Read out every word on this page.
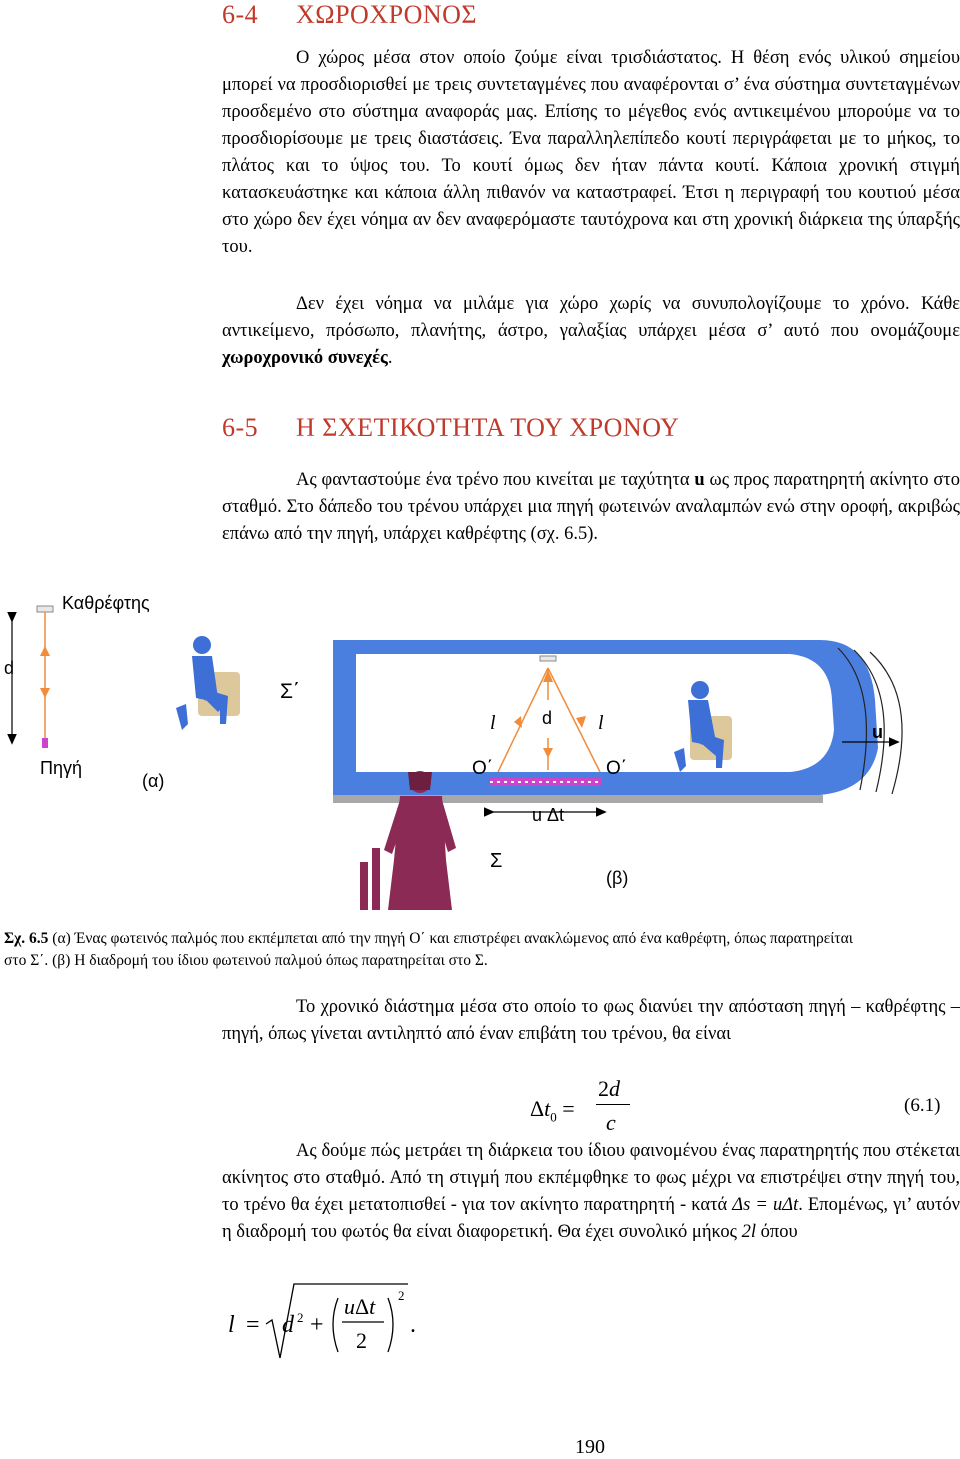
6-4 ΧΩΡΟΧΡΟΝΟΣ
Ο χώρος μέσα στον οποίο ζούμε είναι τρισδιάστατος. Η θέση ενός υλικού σημείου μπορεί να προσδιορισθεί με τρεις συντεταγμένες που αναφέρονται σ’ ένα σύστημα συντεταγμένων προσδεμένο στο σύστημα αναφοράς μας. Επίσης το μέγεθος ενός αντικειμένου μπορούμε να το προσδιορίσουμε με τρεις διαστάσεις. Ένα παραλληλεπίπεδο κουτί περιγράφεται με το μήκος, το πλάτος και το ύψος του. Το κουτί όμως δεν ήταν πάντα κουτί. Κάποια χρονική στιγμή κατασκευάστηκε και κάποια άλλη πιθανόν να καταστραφεί. Έτσι η περιγραφή του κουτιού μέσα στο χώρο δεν έχει νόημα αν δεν αναφερόμαστε ταυτόχρονα και στη χρονική διάρκεια της ύπαρξής του.
Δεν έχει νόημα να μιλάμε για χώρο χωρίς να συνυπολογίζουμε το χρόνο. Κάθε αντικείμενο, πρόσωπο, πλανήτης, άστρο, γαλαξίας υπάρχει μέσα σ’ αυτό που ονομάζουμε χωροχρονικό συνεχές.
6-5 Η ΣΧΕΤΙΚΟΤΗΤΑ ΤΟΥ ΧΡΟΝΟΥ
Ας φανταστούμε ένα τρένο που κινείται με ταχύτητα u ως προς παρατηρητή ακίνητο στο σταθμό. Στο δάπεδο του τρένου υπάρχει μια πηγή φωτεινών αναλαμπών ενώ στην οροφή, ακριβώς επάνω από την πηγή, υπάρχει καθρέφτης (σχ. 6.5).
Καθρέφτης
d
Πηγή
(α)
Σ΄
l	d l
O΄	O΄
u
u Δt
Σ
(β)
Σχ. 6.5 (α) Ένας φωτεινός παλμός που εκπέμπεται από την πηγή Ο΄ και επιστρέφει ανακλώμενος από ένα καθρέφτη, όπως παρατηρείται στο Σ΄. (β) Η διαδρομή του ίδιου φωτεινού παλμού όπως παρατηρείται στο Σ.
Το χρονικό διάστημα μέσα στο οποίο το φως διανύει την απόσταση πηγή – καθρέφτης – πηγή, όπως γίνεται αντιληπτό από έναν επιβάτη του τρένου, θα είναι
$\Delta t_0$ =
2d
c
(6.1)
Ας δούμε πώς μετράει τη διάρκεια του ίδιου φαινομένου ένας παρατηρητής που στέκεται ακίνητος στο σταθμό. Από τη στιγμή που εκπέμφθηκε το φως μέχρι να επιστρέψει στην πηγή του, το τρένο θα έχει μετατοπισθεί - για τον ακίνητο παρατηρητή - κατά Δs = uΔt. Επομένως, γι’ αυτόν η διαδρομή του φωτός θα είναι διαφορετική. Θα έχει συνολικό μήκος 2l όπου
l = d 2 +
uΔt
2
2
.
190
